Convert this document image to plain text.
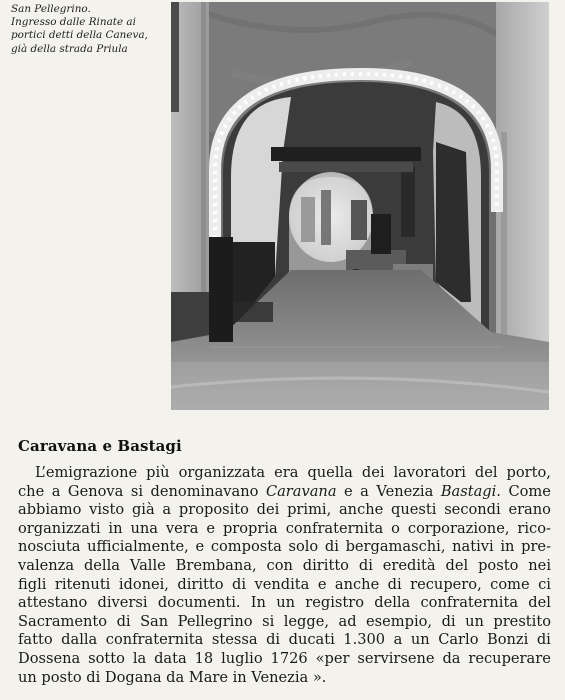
San Pellegrino.
Ingresso dalle Rinate ai
portici detti della Caneva,
già della strada Priula
Caravana e Bastagi
L’emigrazione più organizzata era quella dei lavoratori del porto,
che a Genova si denominavano Caravana e a Venezia Bastagi. Come
abbiamo visto già a proposito dei primi, anche questi secondi erano
organizzati in una vera e propria confraternita o corporazione, rico-
nosciuta ufficialmente, e composta solo di bergamaschi, nativi in pre-
valenza della Valle Brembana, con diritto di eredità del posto nei
figli ritenuti idonei, diritto di vendita e anche di recupero, come ci
attestano diversi documenti. In un registro della confraternita del
Sacramento di San Pellegrino si legge, ad esempio, di un prestito
fatto dalla confraternita stessa di ducati 1.300 a un Carlo Bonzi di
Dossena sotto la data 18 luglio 1726 «per servirsene da recuperare
un posto di Dogana da Mare in Venezia ».
